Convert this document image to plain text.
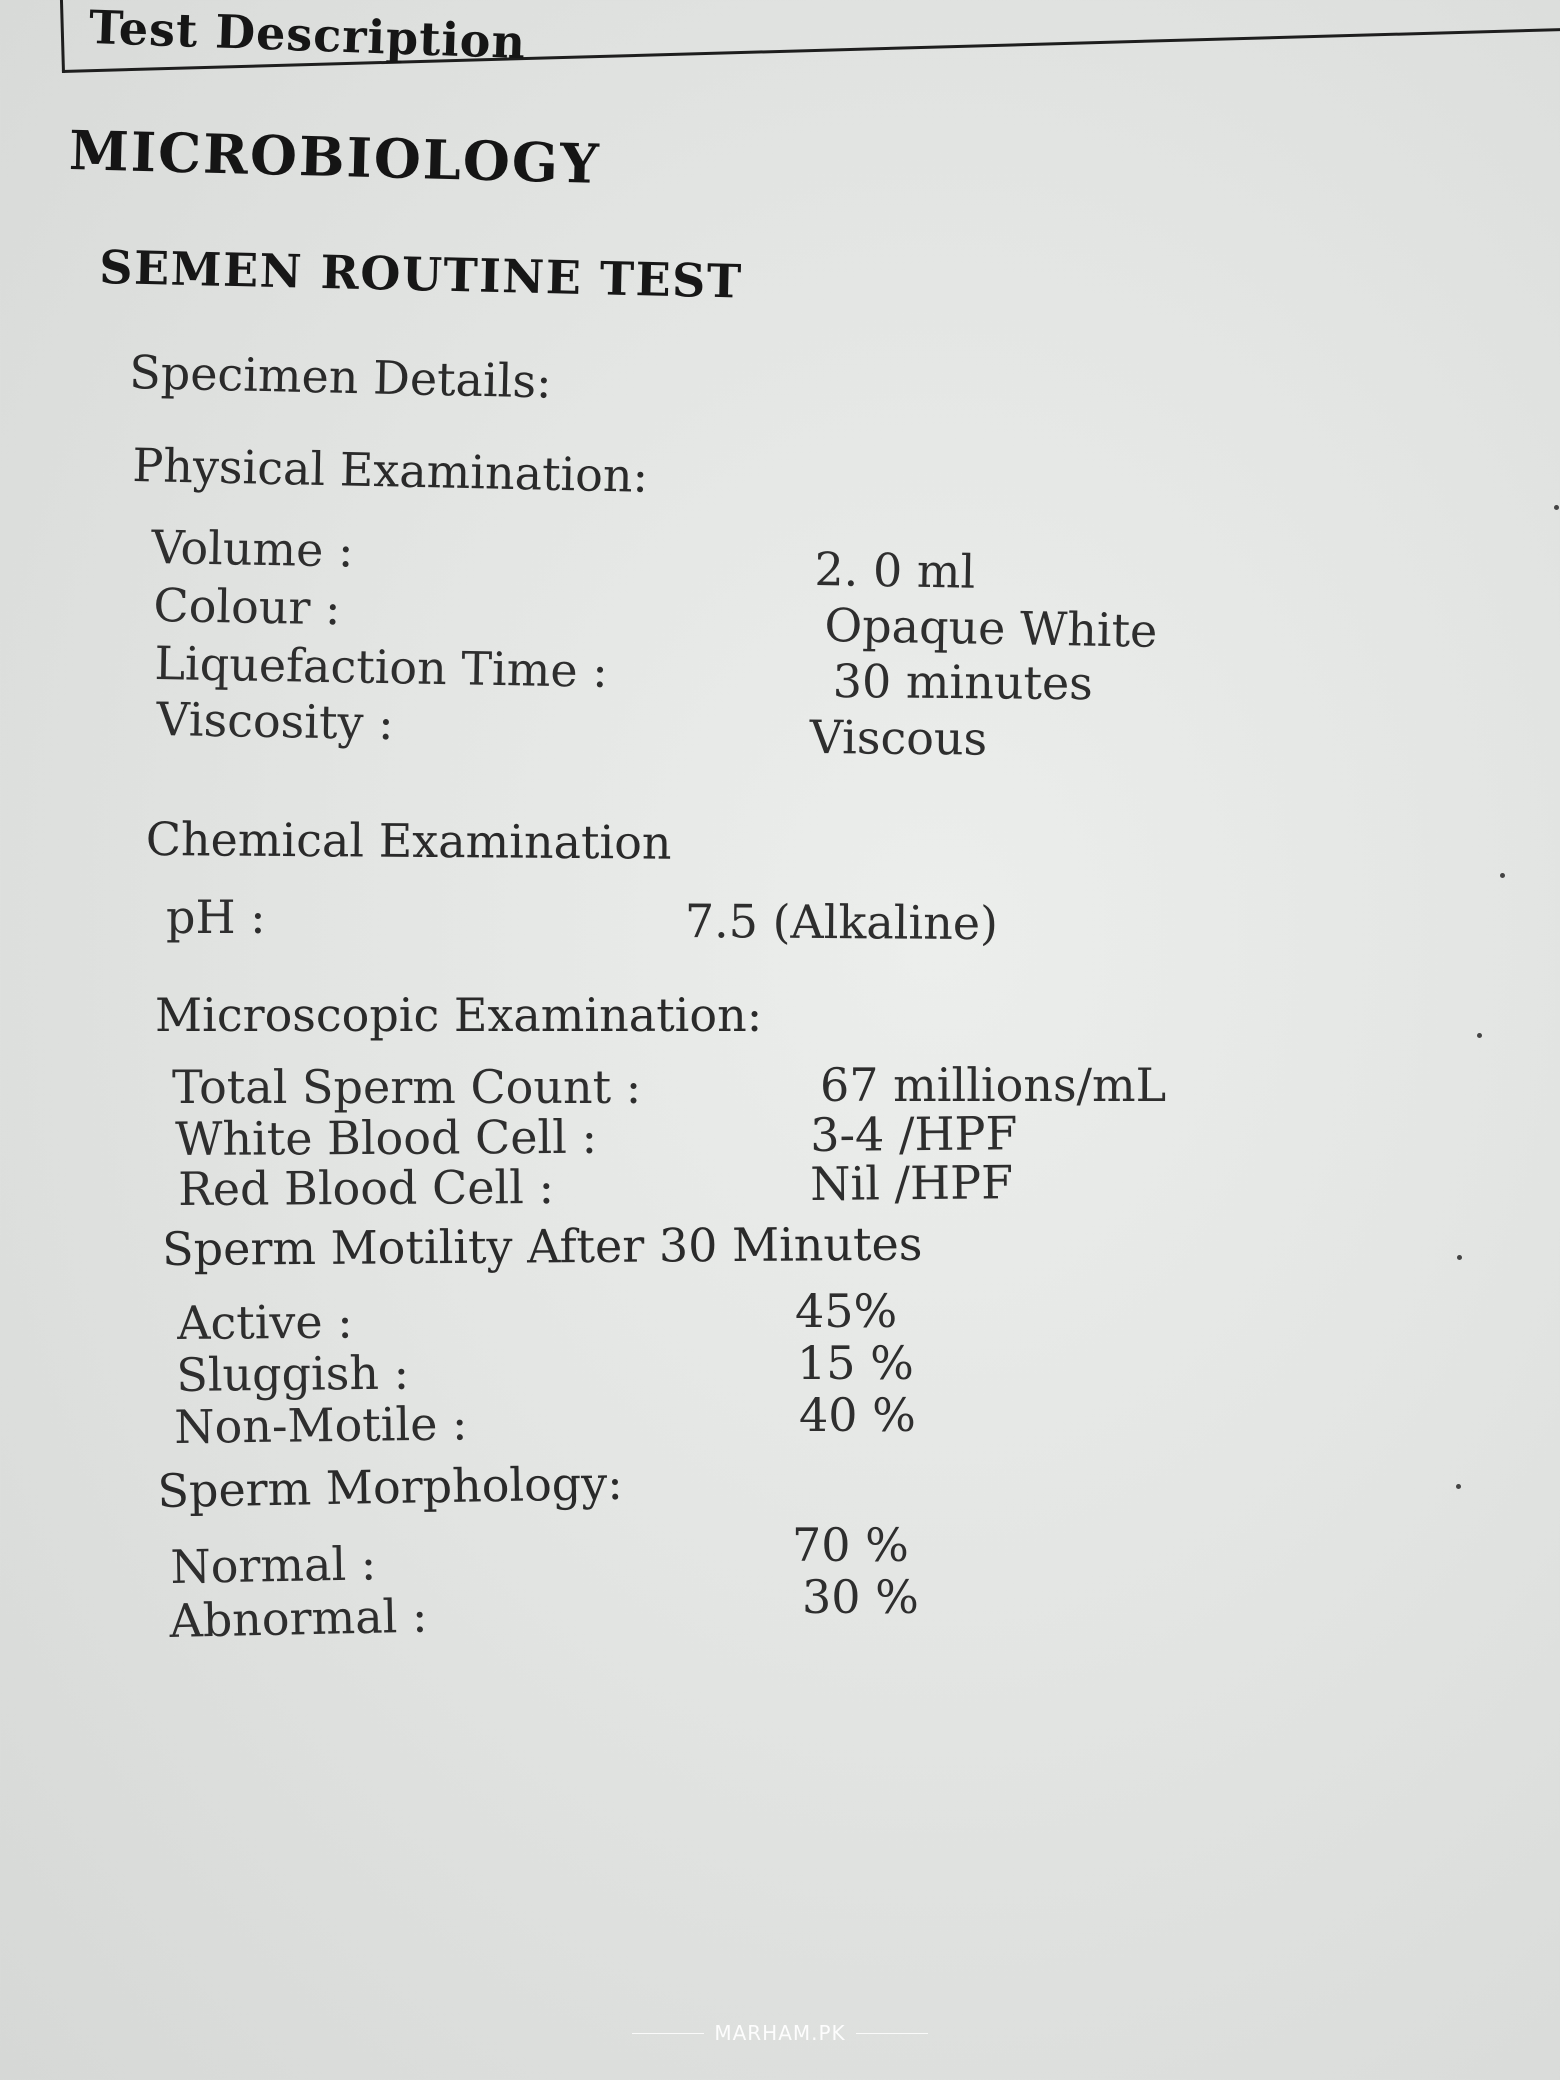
Test Description
MICROBIOLOGY
SEMEN ROUTINE TEST
Specimen Details:
Physical Examination:
Volume :	2. 0 ml
Colour :	Opaque White
Liquefaction Time :	30 minutes
Viscosity :	Viscous
Chemical Examination
pH :	7.5 (Alkaline)
Microscopic Examination:
Total Sperm Count :	67 millions/mL
White Blood Cell :	3-4 /HPF
Red Blood Cell :	Nil /HPF
Sperm Motility After 30 Minutes
Active :	45%
Sluggish :	15 %
Non-Motile :	40 %
Sperm Morphology:
Normal :	70 %
Abnormal :	30 %
MARHAM.PK
